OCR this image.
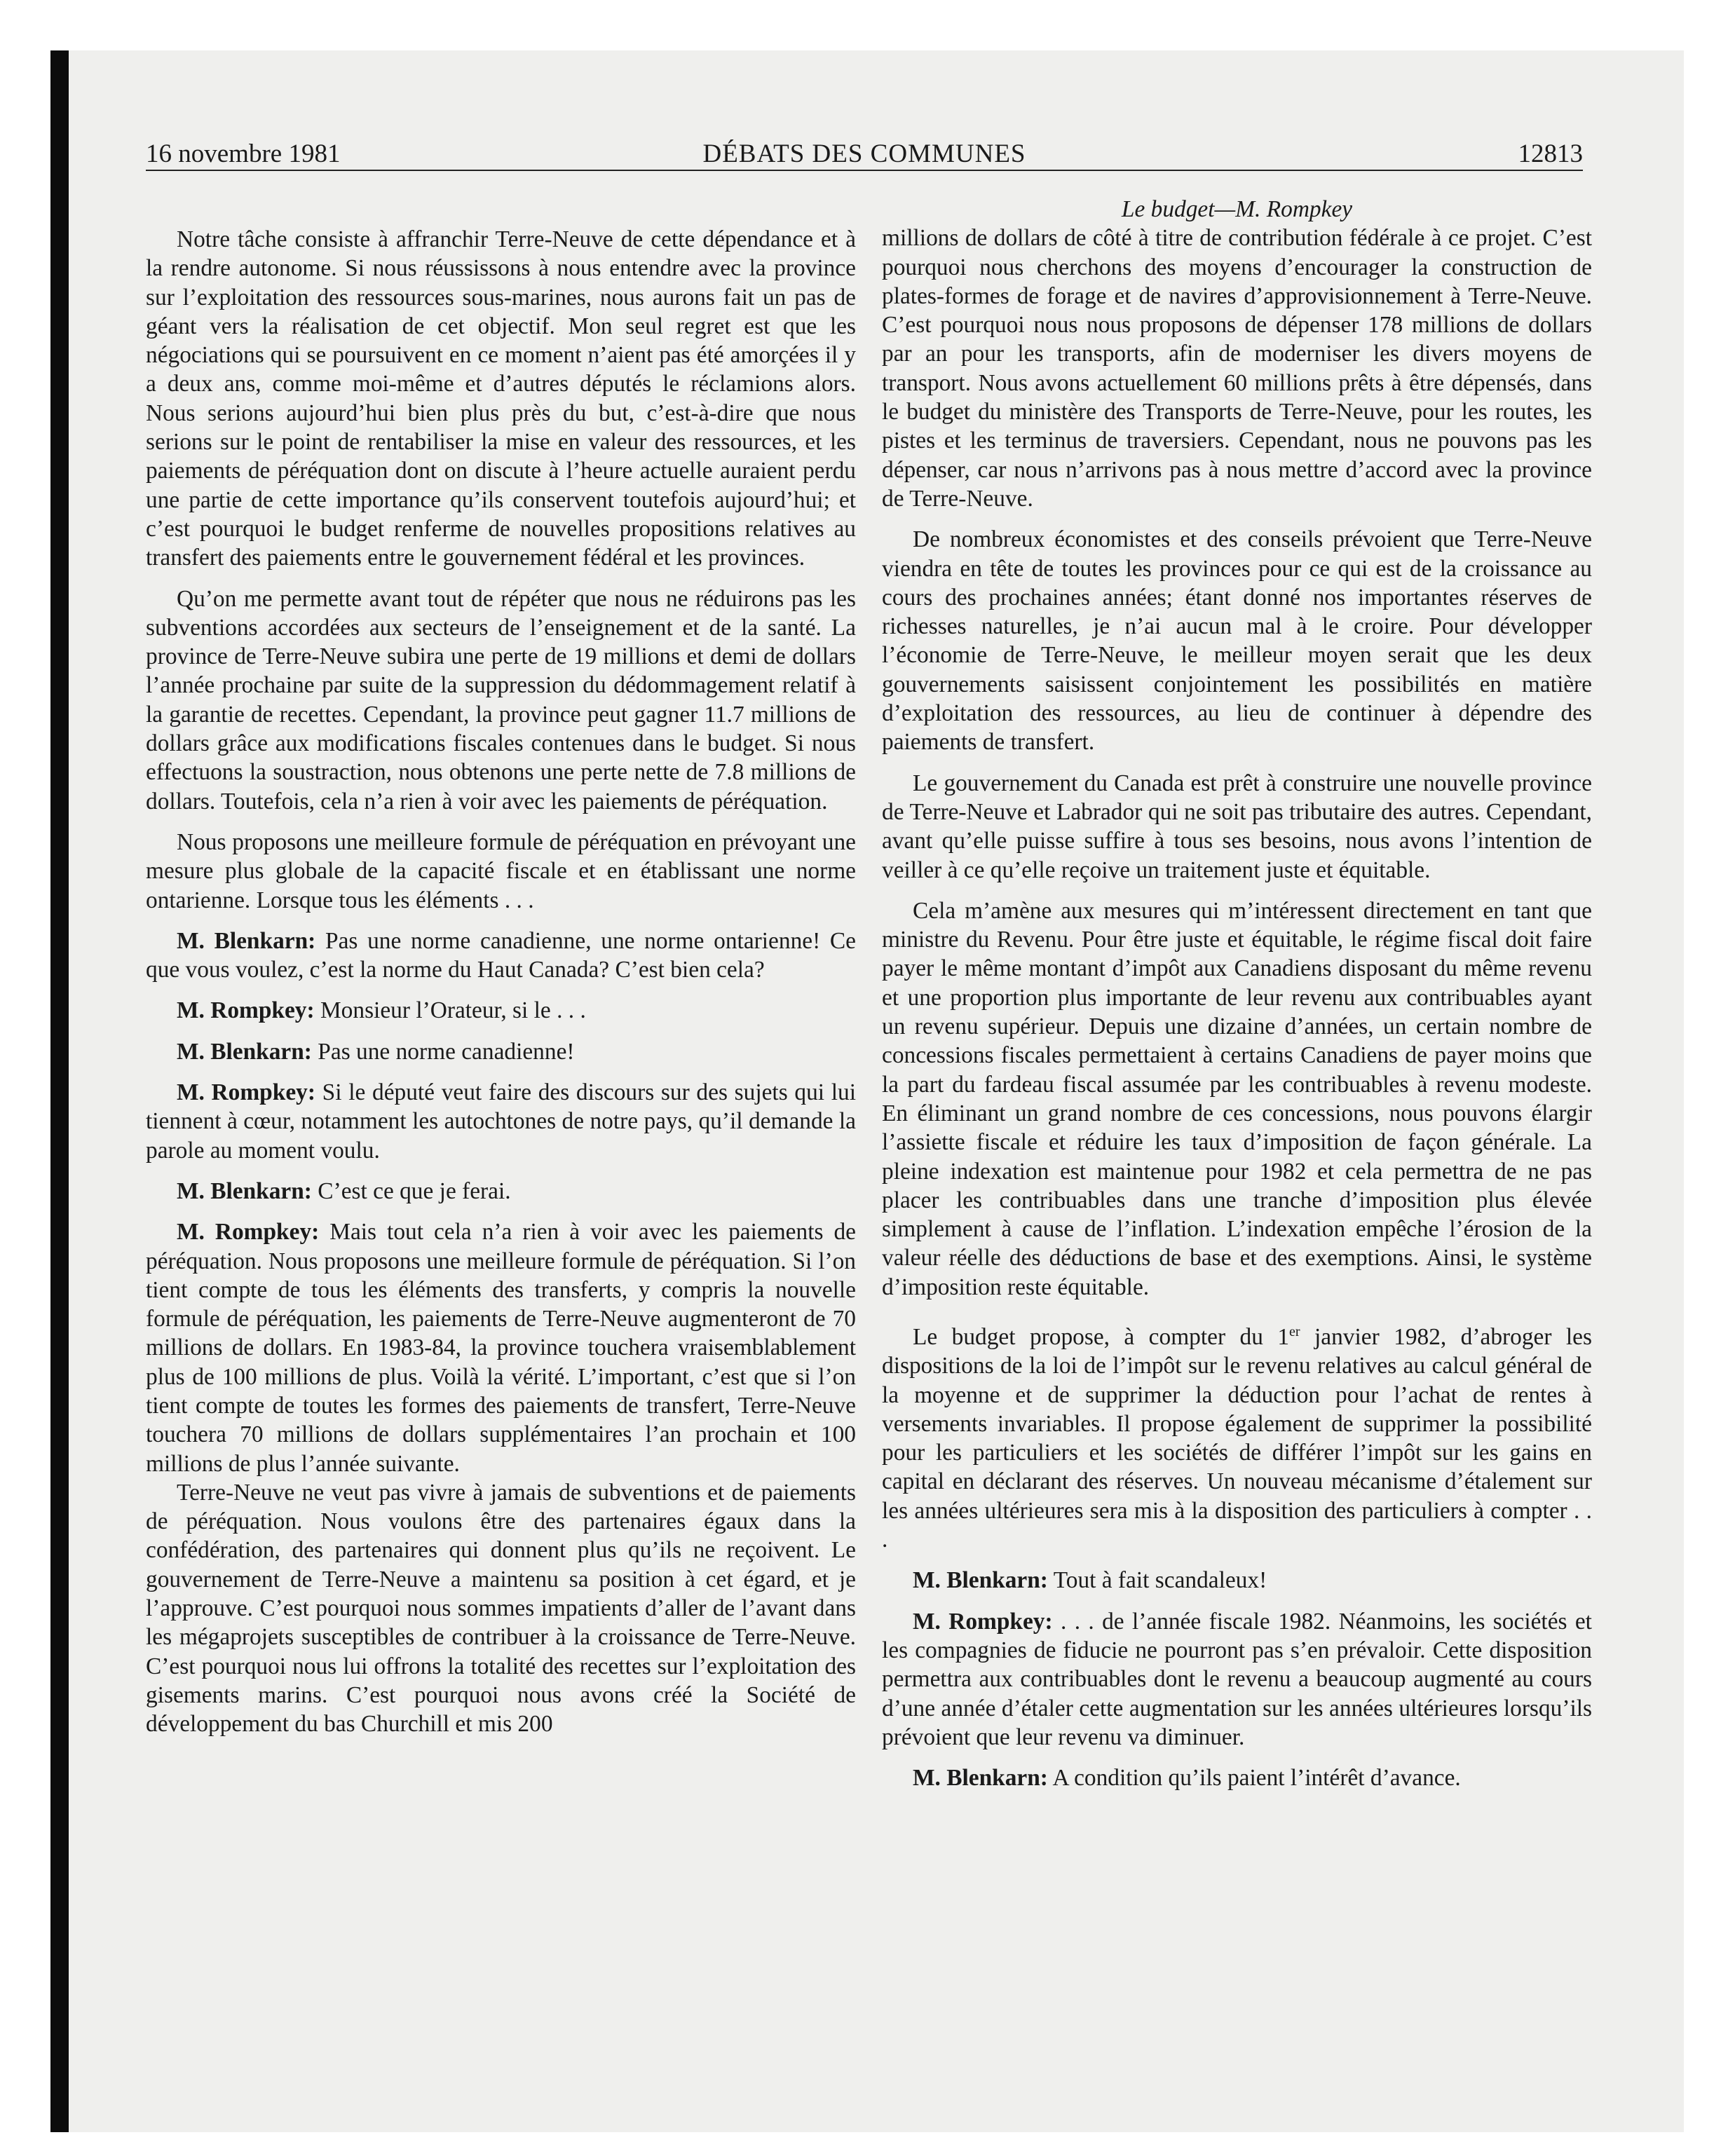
16 novembre 1981	DÉBATS DES COMMUNES	12813

Notre tâche consiste à affranchir Terre-Neuve de cette dépendance et à la rendre autonome. Si nous réussissons à nous entendre avec la province sur l’exploitation des ressources sous-marines, nous aurons fait un pas de géant vers la réalisation de cet objectif. Mon seul regret est que les négociations qui se poursuivent en ce moment n’aient pas été amorçées il y a deux ans, comme moi-même et d’autres députés le réclamions alors. Nous serions aujourd’hui bien plus près du but, c’est-à-dire que nous serions sur le point de rentabiliser la mise en valeur des ressources, et les paiements de péréquation dont on discute à l’heure actuelle auraient perdu une partie de cette importance qu’ils conservent toutefois aujourd’hui; et c’est pourquoi le budget renferme de nouvelles propositions relatives au transfert des paiements entre le gouvernement fédéral et les provinces.

Qu’on me permette avant tout de répéter que nous ne réduirons pas les subventions accordées aux secteurs de l’enseignement et de la santé. La province de Terre-Neuve subira une perte de 19 millions et demi de dollars l’année prochaine par suite de la suppression du dédommagement relatif à la garantie de recettes. Cependant, la province peut gagner 11.7 millions de dollars grâce aux modifications fiscales contenues dans le budget. Si nous effectuons la soustraction, nous obtenons une perte nette de 7.8 millions de dollars. Toutefois, cela n’a rien à voir avec les paiements de péréquation.

Nous proposons une meilleure formule de péréquation en prévoyant une mesure plus globale de la capacité fiscale et en établissant une norme ontarienne. Lorsque tous les éléments . . .

M. Blenkarn: Pas une norme canadienne, une norme ontarienne! Ce que vous voulez, c’est la norme du Haut Canada? C’est bien cela?

M. Rompkey: Monsieur l’Orateur, si le . . .

M. Blenkarn: Pas une norme canadienne!

M. Rompkey: Si le député veut faire des discours sur des sujets qui lui tiennent à cœur, notamment les autochtones de notre pays, qu’il demande la parole au moment voulu.

M. Blenkarn: C’est ce que je ferai.

M. Rompkey: Mais tout cela n’a rien à voir avec les paiements de péréquation. Nous proposons une meilleure formule de péréquation. Si l’on tient compte de tous les éléments des transferts, y compris la nouvelle formule de péréquation, les paiements de Terre-Neuve augmenteront de 70 millions de dollars. En 1983-84, la province touchera vraisemblablement plus de 100 millions de plus. Voilà la vérité. L’important, c’est que si l’on tient compte de toutes les formes des paiements de transfert, Terre-Neuve touchera 70 millions de dollars supplémentaires l’an prochain et 100 millions de plus l’année suivante.

Terre-Neuve ne veut pas vivre à jamais de subventions et de paiements de péréquation. Nous voulons être des partenaires égaux dans la confédération, des partenaires qui donnent plus qu’ils ne reçoivent. Le gouvernement de Terre-Neuve a maintenu sa position à cet égard, et je l’approuve. C’est pourquoi nous sommes impatients d’aller de l’avant dans les mégaprojets susceptibles de contribuer à la croissance de Terre-Neuve. C’est pourquoi nous lui offrons la totalité des recettes sur l’exploitation des gisements marins. C’est pourquoi nous avons créé la Société de développement du bas Churchill et mis 200

Le budget—M. Rompkey

millions de dollars de côté à titre de contribution fédérale à ce projet. C’est pourquoi nous cherchons des moyens d’encourager la construction de plates-formes de forage et de navires d’approvisionnement à Terre-Neuve. C’est pourquoi nous nous proposons de dépenser 178 millions de dollars par an pour les transports, afin de moderniser les divers moyens de transport. Nous avons actuellement 60 millions prêts à être dépensés, dans le budget du ministère des Transports de Terre-Neuve, pour les routes, les pistes et les terminus de traversiers. Cependant, nous ne pouvons pas les dépenser, car nous n’arrivons pas à nous mettre d’accord avec la province de Terre-Neuve.

De nombreux économistes et des conseils prévoient que Terre-Neuve viendra en tête de toutes les provinces pour ce qui est de la croissance au cours des prochaines années; étant donné nos importantes réserves de richesses naturelles, je n’ai aucun mal à le croire. Pour développer l’économie de Terre-Neuve, le meilleur moyen serait que les deux gouvernements saisissent conjointement les possibilités en matière d’exploitation des ressources, au lieu de continuer à dépendre des paiements de transfert.

Le gouvernement du Canada est prêt à construire une nouvelle province de Terre-Neuve et Labrador qui ne soit pas tributaire des autres. Cependant, avant qu’elle puisse suffire à tous ses besoins, nous avons l’intention de veiller à ce qu’elle reçoive un traitement juste et équitable.

Cela m’amène aux mesures qui m’intéressent directement en tant que ministre du Revenu. Pour être juste et équitable, le régime fiscal doit faire payer le même montant d’impôt aux Canadiens disposant du même revenu et une proportion plus importante de leur revenu aux contribuables ayant un revenu supérieur. Depuis une dizaine d’années, un certain nombre de concessions fiscales permettaient à certains Canadiens de payer moins que la part du fardeau fiscal assumée par les contribuables à revenu modeste. En éliminant un grand nombre de ces concessions, nous pouvons élargir l’assiette fiscale et réduire les taux d’imposition de façon générale. La pleine indexation est maintenue pour 1982 et cela permettra de ne pas placer les contribuables dans une tranche d’imposition plus élevée simplement à cause de l’inflation. L’indexation empêche l’érosion de la valeur réelle des déductions de base et des exemptions. Ainsi, le système d’imposition reste équitable.

Le budget propose, à compter du 1er janvier 1982, d’abroger les dispositions de la loi de l’impôt sur le revenu relatives au calcul général de la moyenne et de supprimer la déduction pour l’achat de rentes à versements invariables. Il propose également de supprimer la possibilité pour les particuliers et les sociétés de différer l’impôt sur les gains en capital en déclarant des réserves. Un nouveau mécanisme d’étalement sur les années ultérieures sera mis à la disposition des particuliers à compter . . .

M. Blenkarn: Tout à fait scandaleux!

M. Rompkey: . . . de l’année fiscale 1982. Néanmoins, les sociétés et les compagnies de fiducie ne pourront pas s’en prévaloir. Cette disposition permettra aux contribuables dont le revenu a beaucoup augmenté au cours d’une année d’étaler cette augmentation sur les années ultérieures lorsqu’ils prévoient que leur revenu va diminuer.

M. Blenkarn: A condition qu’ils paient l’intérêt d’avance.
